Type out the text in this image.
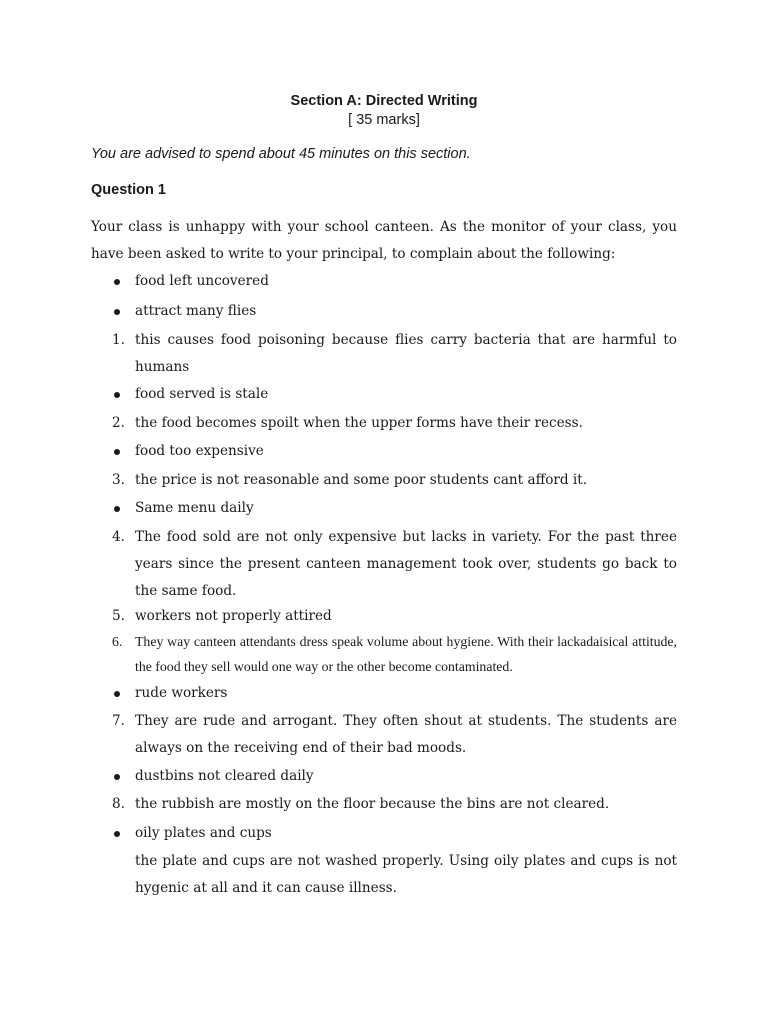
Section A: Directed Writing
[ 35 marks]
You are advised to spend about 45 minutes on this section.
Question 1
Your class is unhappy with your school canteen. As the monitor of your class, you have been asked to write to your principal, to complain about the following:
food left uncovered
attract many flies
1. this causes food poisoning because flies carry bacteria that are harmful to humans
food served is stale
2. the food becomes spoilt when the upper forms have their recess.
food too expensive
3. the price is not reasonable and some poor students cant afford it.
Same menu daily
4. The food sold are not only expensive but lacks in variety. For the past three years since the present canteen management took over, students go back to the same food.
5. workers not properly attired
6. They way canteen attendants dress speak volume about hygiene. With their lackadaisical attitude, the food they sell would one way or the other become contaminated.
rude workers
7. They are rude and arrogant. They often shout at students. The students are always on the receiving end of their bad moods.
dustbins not cleared daily
8. the rubbish are mostly on the floor because the bins are not cleared.
oily plates and cups
the plate and cups are not washed properly. Using oily plates and cups is not hygenic at all and it can cause illness.
